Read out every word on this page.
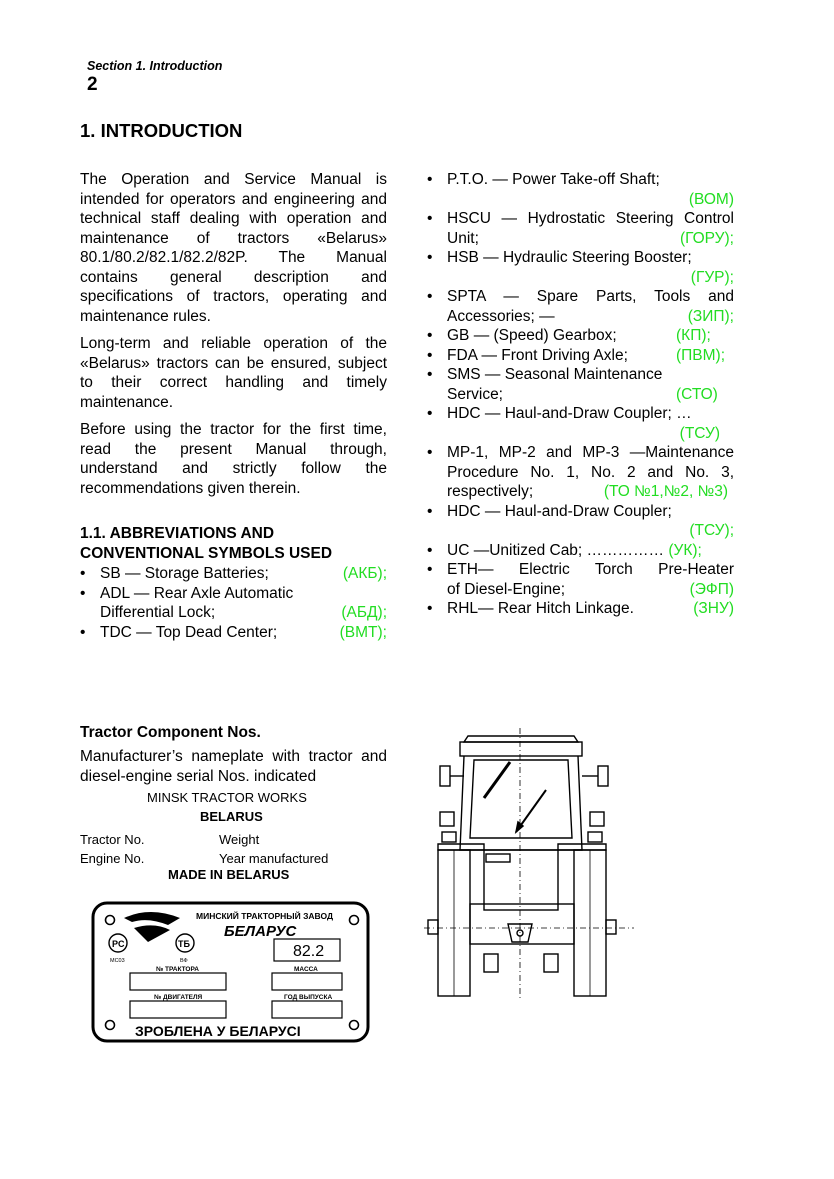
Section 1. Introduction
2
1. INTRODUCTION

The Operation and Service Manual is intended for operators and engineering and technical staff dealing with operation and maintenance of tractors «Belarus» 80.1/80.2/82.1/82.2/82P. The Manual contains general description and specifications of tractors, operating and maintenance rules.

Long-term and reliable operation of the «Belarus» tractors can be ensured, subject to their correct handling and timely maintenance.

Before using the tractor for the first time, read the present Manual through, understand and strictly follow the recommendations given therein.

1.1. ABBREVIATIONS AND
CONVENTIONAL SYMBOLS USED
• SB — Storage Batteries;	(АКБ);
• ADL — Rear Axle Automatic
Differential Lock;	(АБД);
• TDC — Top Dead Center;	(ВМТ);
• P.T.O. — Power Take-off Shaft;
(ВОМ)
• HSCU — Hydrostatic Steering Control
Unit;	(ГОРУ);
• HSB — Hydraulic Steering Booster;
(ГУР);
• SPTA — Spare Parts, Tools and
Accessories; —	(ЗИП);
• GB — (Speed) Gearbox;	(КП);
• FDA — Front Driving Axle;	(ПВМ);
• SMS — Seasonal Maintenance
Service;	(СТО)
• HDC — Haul-and-Draw Coupler; …
(ТСУ)
• MP-1, MP-2 and MP-3 —Maintenance
Procedure No. 1, No. 2 and No. 3,
respectively;	(ТО №1,№2, №3)
• HDC — Haul-and-Draw Coupler;
(ТСУ);
• UC —Unitized Cab; …………… (УК);
• ETH— Electric Torch Pre-Heater
of Diesel-Engine;	(ЭФП)
• RHL— Rear Hitch Linkage.	(ЗНУ)
Tractor Component Nos.
Manufacturer’s nameplate with tractor and diesel-engine serial Nos. indicated
MINSK TRACTOR WORKS
BELARUS
Tractor No.	Weight
Engine No.	Year manufactured
MADE IN BELARUS
МИНСКИЙ ТРАКТОРНЫЙ ЗАВОД
БЕЛАРУС
PC
МС03
TБ
ВФ
82.2
№ ТРАКТОРА	МАССА
№ ДВИГАТЕЛЯ	ГОД ВЫПУСКА
ЗРОБЛЕНА У БЕЛАРУСІ
